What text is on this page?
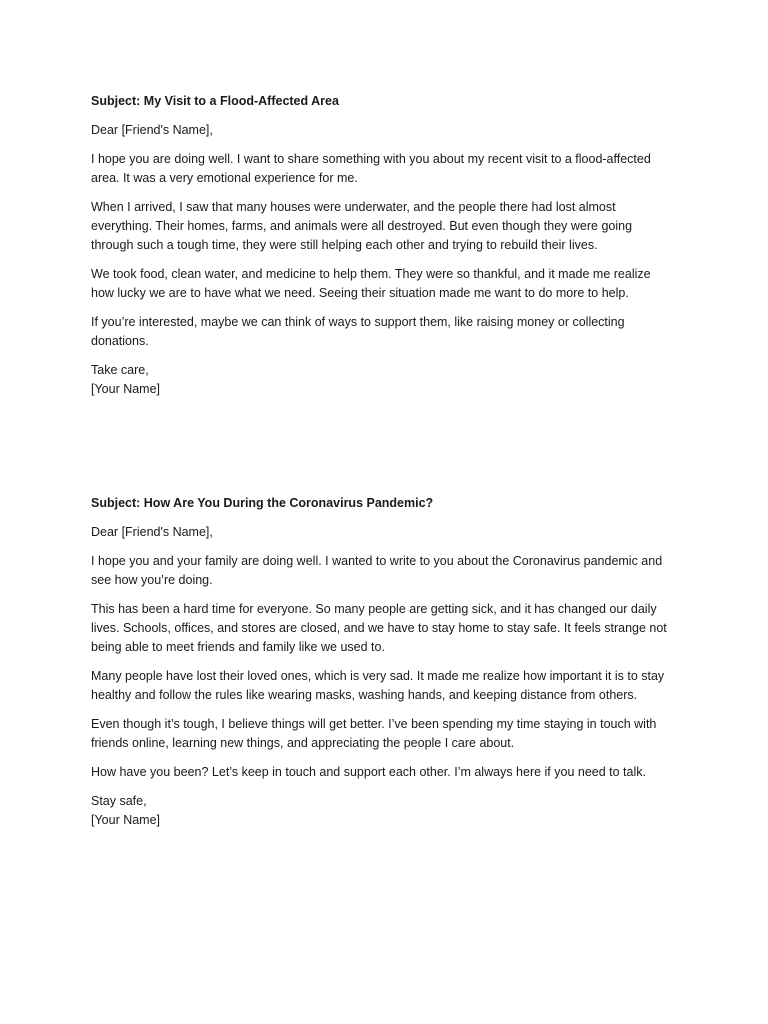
Subject: My Visit to a Flood-Affected Area

Dear [Friend's Name],

I hope you are doing well. I want to share something with you about my recent visit to a flood-affected area. It was a very emotional experience for me.

When I arrived, I saw that many houses were underwater, and the people there had lost almost everything. Their homes, farms, and animals were all destroyed. But even though they were going through such a tough time, they were still helping each other and trying to rebuild their lives.

We took food, clean water, and medicine to help them. They were so thankful, and it made me realize how lucky we are to have what we need. Seeing their situation made me want to do more to help.

If you’re interested, maybe we can think of ways to support them, like raising money or collecting donations.

Take care,

[Your Name]

Subject: How Are You During the Coronavirus Pandemic?

Dear [Friend's Name],

I hope you and your family are doing well. I wanted to write to you about the Coronavirus pandemic and see how you’re doing.

This has been a hard time for everyone. So many people are getting sick, and it has changed our daily lives. Schools, offices, and stores are closed, and we have to stay home to stay safe. It feels strange not being able to meet friends and family like we used to.

Many people have lost their loved ones, which is very sad. It made me realize how important it is to stay healthy and follow the rules like wearing masks, washing hands, and keeping distance from others.

Even though it’s tough, I believe things will get better. I’ve been spending my time staying in touch with friends online, learning new things, and appreciating the people I care about.

How have you been? Let’s keep in touch and support each other. I’m always here if you need to talk.

Stay safe,

[Your Name]
